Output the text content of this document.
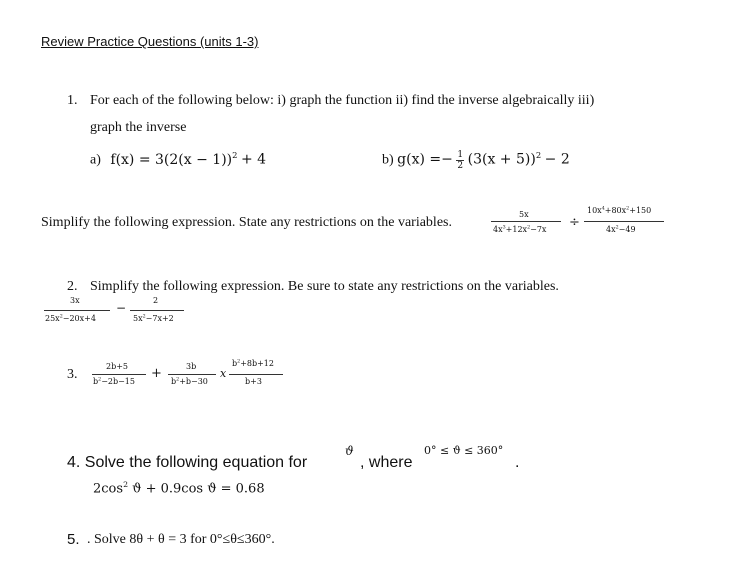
Review Practice Questions (units 1-3)
1. For each of the following below: i) graph the function ii) find the inverse algebraically iii)
graph the inverse
a) $f(x) = 3(2(x - 1))^2 + 4$	b) $g(x) =- \frac{1}{2} (3(x + 5))^2 - 2$
Simplify the following expression. State any restrictions on the variables.
5x
$4x^3+12x^2-7x$ ÷
$10x^4+80x^2+150$
$4x^2-49$
2. Simplify the following expression. Be sure to state any restrictions on the variables.
3x
$25x^2-20x+4$
−
2
$5x^2-7x+2$
3.
2b+5
$b^2-2b-15$
+	3b
$b^2+b-30$
x
$b^2+8b+12$
b+3
4. Solve the following equation for
ϑ
, where
0° ≤ ϑ ≤ 360°
.
$2\cos^2$ ϑ + 0.9cos ϑ = 0.68
5. . Solve 8θ + θ = 3 for 0°≤θ≤360°.
